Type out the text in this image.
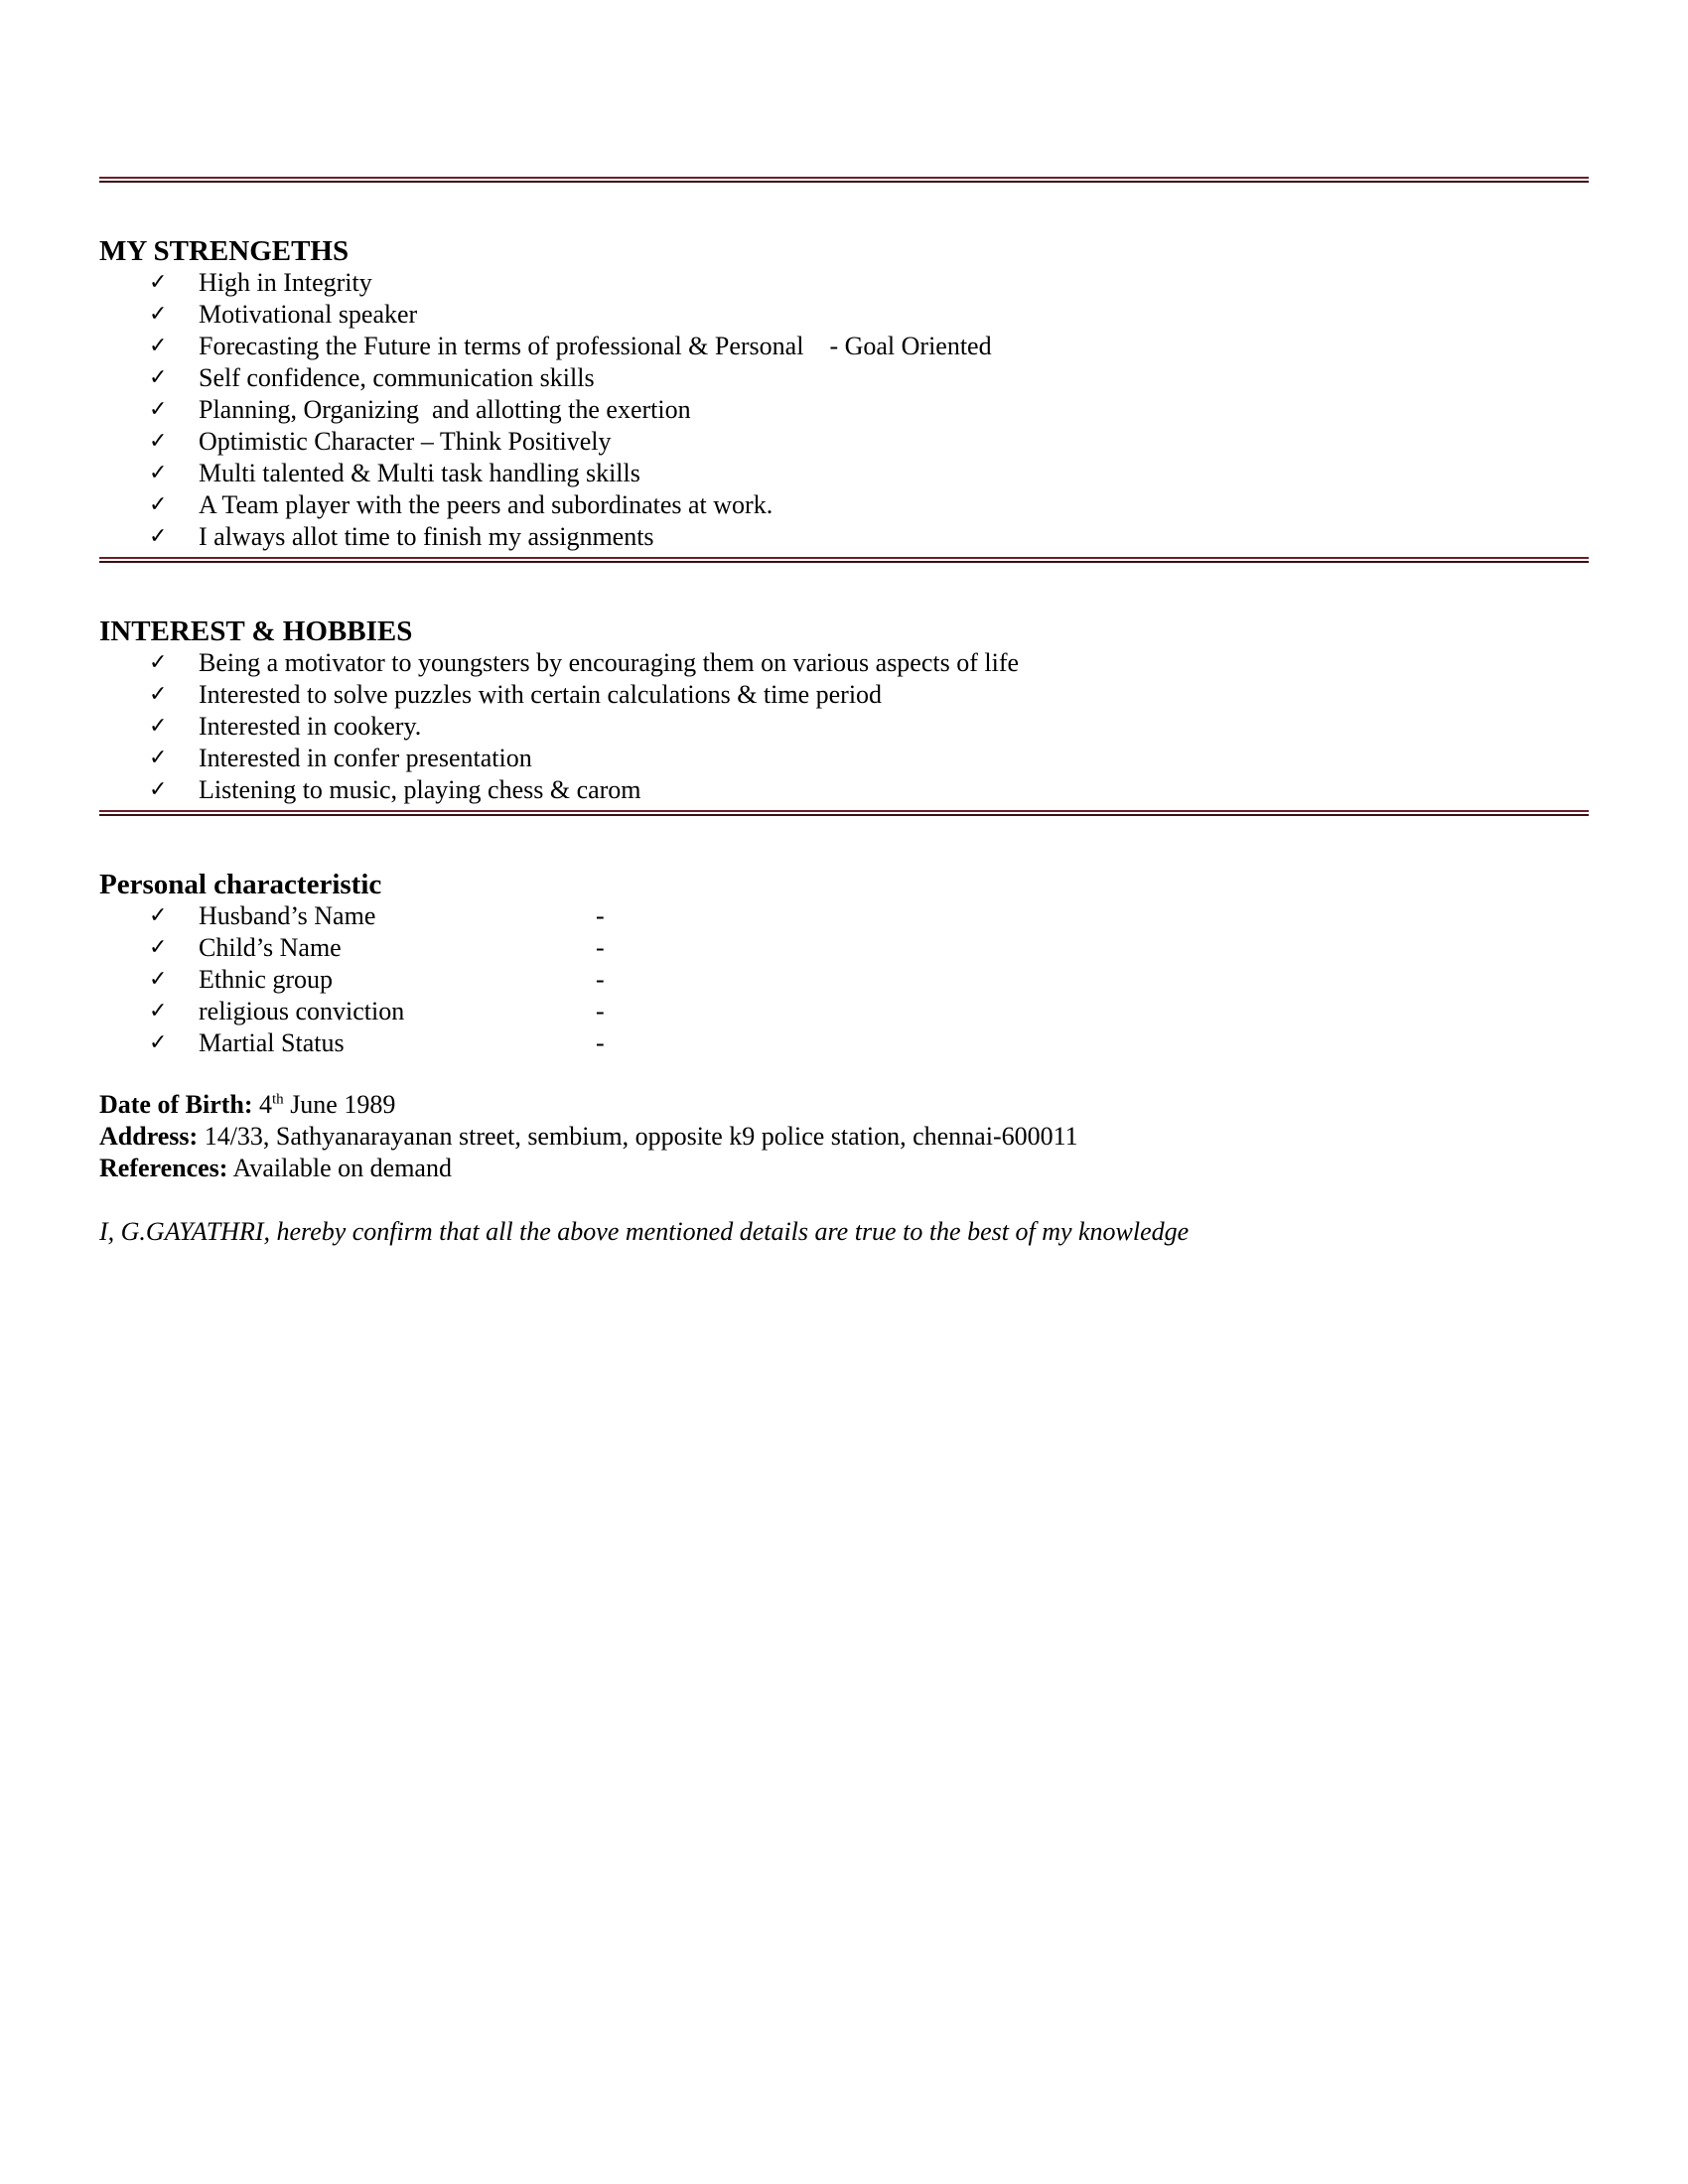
MY STRENGETHS
✓ High in Integrity
✓ Motivational speaker
✓ Forecasting the Future in terms of professional & Personal    - Goal Oriented
✓ Self confidence, communication skills
✓ Planning, Organizing  and allotting the exertion
✓ Optimistic Character – Think Positively
✓ Multi talented & Multi task handling skills
✓ A Team player with the peers and subordinates at work.
✓ I always allot time to finish my assignments
INTEREST & HOBBIES
✓ Being a motivator to youngsters by encouraging them on various aspects of life
✓ Interested to solve puzzles with certain calculations & time period
✓ Interested in cookery.
✓ Interested in confer presentation
✓ Listening to music, playing chess & carom
Personal characteristic
✓ Husband’s Name	-
✓ Child’s Name	-
✓ Ethnic group	-
✓ religious conviction	-
✓ Martial Status	-
Date of Birth: 4th June 1989
Address: 14/33, Sathyanarayanan street, sembium, opposite k9 police station, chennai-600011
References: Available on demand
I, G.GAYATHRI, hereby confirm that all the above mentioned details are true to the best of my knowledge
